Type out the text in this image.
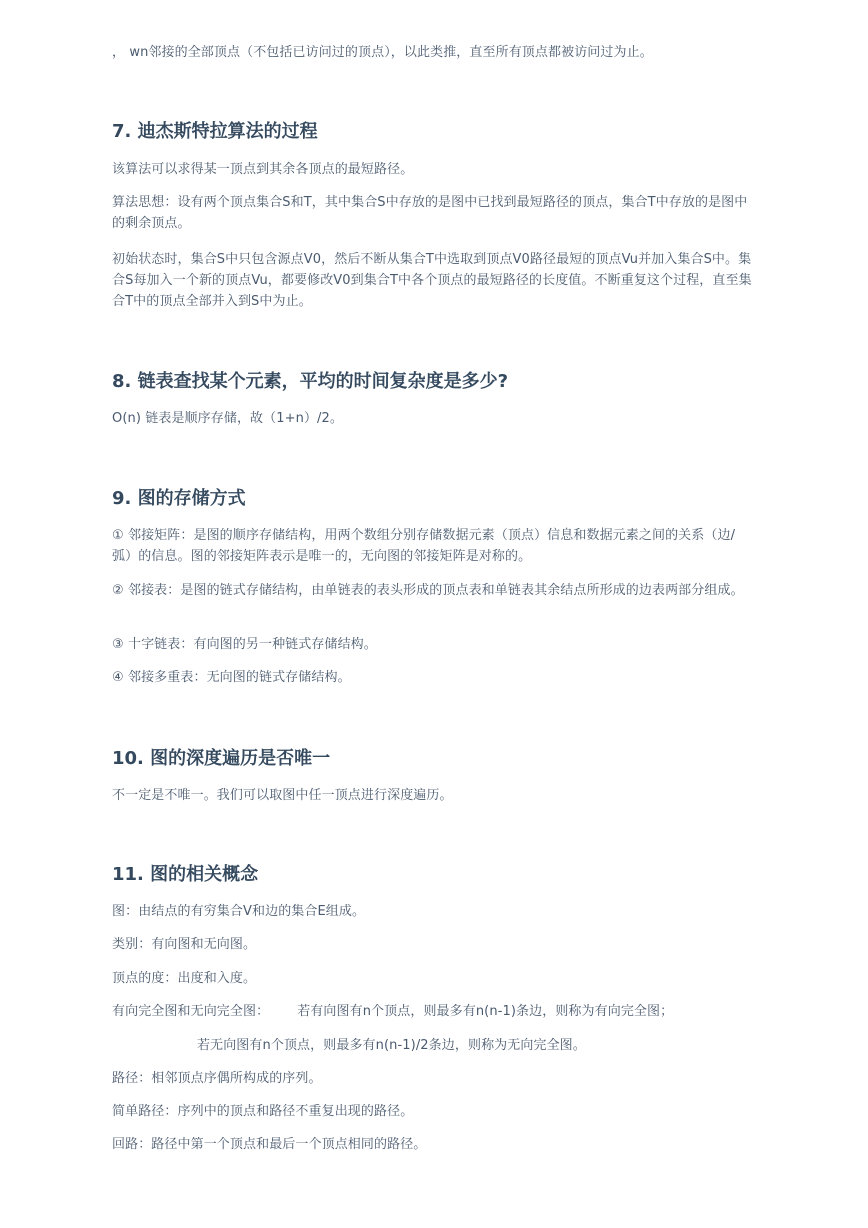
， wn邻接的全部顶点（不包括已访问过的顶点），以此类推，直至所有顶点都被访问过为止。

7. 迪杰斯特拉算法的过程

该算法可以求得某一顶点到其余各顶点的最短路径。

算法思想：设有两个顶点集合S和T，其中集合S中存放的是图中已找到最短路径的顶点，集合T中存放的是图中的剩余顶点。

初始状态时，集合S中只包含源点V0，然后不断从集合T中选取到顶点V0路径最短的顶点Vu并加入集合S中。集合S每加入一个新的顶点Vu，都要修改V0到集合T中各个顶点的最短路径的长度值。不断重复这个过程，直至集合T中的顶点全部并入到S中为止。

8. 链表查找某个元素，平均的时间复杂度是多少?

O(n) 链表是顺序存储，故（1+n）/2。

9. 图的存储方式

① 邻接矩阵：是图的顺序存储结构，用两个数组分别存储数据元素（顶点）信息和数据元素之间的关系（边/弧）的信息。图的邻接矩阵表示是唯一的，无向图的邻接矩阵是对称的。

② 邻接表：是图的链式存储结构，由单链表的表头形成的顶点表和单链表其余结点所形成的边表两部分组成。

③ 十字链表：有向图的另一种链式存储结构。

④ 邻接多重表：无向图的链式存储结构。

10. 图的深度遍历是否唯一

不一定是不唯一。我们可以取图中任一顶点进行深度遍历。

11. 图的相关概念

图：由结点的有穷集合V和边的集合E组成。

类别：有向图和无向图。

顶点的度：出度和入度。

有向完全图和无向完全图： 若有向图有n个顶点，则最多有n(n-1)条边，则称为有向完全图；

若无向图有n个顶点，则最多有n(n-1)/2条边，则称为无向完全图。

路径：相邻顶点序偶所构成的序列。

简单路径：序列中的顶点和路径不重复出现的路径。

回路：路径中第一个顶点和最后一个顶点相同的路径。
